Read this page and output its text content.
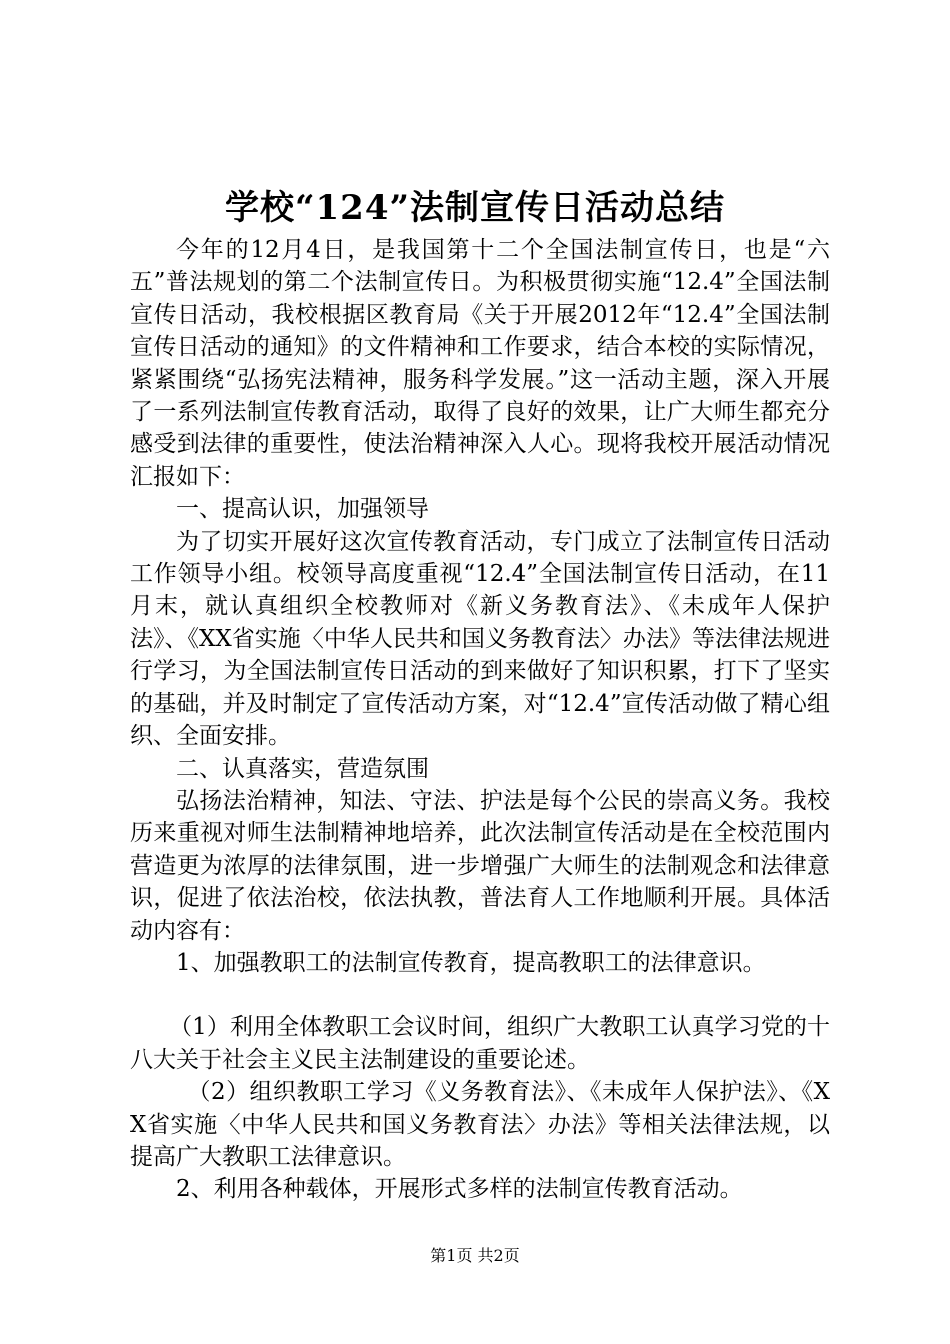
学校“124”法制宣传日活动总结

今年的12月4日，是我国第十二个全国法制宣传日，也是“六五”普法规划的第二个法制宣传日。为积极贯彻实施“12.4”全国法制宣传日活动，我校根据区教育局《关于开展2012年“12.4”全国法制宣传日活动的通知》的文件精神和工作要求，结合本校的实际情况，紧紧围绕“弘扬宪法精神，服务科学发展。”这一活动主题，深入开展了一系列法制宣传教育活动，取得了良好的效果，让广大师生都充分感受到法律的重要性，使法治精神深入人心。现将我校开展活动情况汇报如下：

一、提高认识，加强领导

为了切实开展好这次宣传教育活动，专门成立了法制宣传日活动工作领导小组。校领导高度重视“12.4”全国法制宣传日活动，在11月末，就认真组织全校教师对《新义务教育法》、《未成年人保护法》、《XX省实施〈中华人民共和国义务教育法〉办法》等法律法规进行学习，为全国法制宣传日活动的到来做好了知识积累，打下了坚实的基础，并及时制定了宣传活动方案，对“12.4”宣传活动做了精心组织、全面安排。

二、认真落实，营造氛围

弘扬法治精神，知法、守法、护法是每个公民的崇高义务。我校历来重视对师生法制精神地培养，此次法制宣传活动是在全校范围内营造更为浓厚的法律氛围，进一步增强广大师生的法制观念和法律意识，促进了依法治校，依法执教，普法育人工作地顺利开展。具体活动内容有：

1、加强教职工的法制宣传教育，提高教职工的法律意识。

（1）利用全体教职工会议时间，组织广大教职工认真学习党的十八大关于社会主义民主法制建设的重要论述。

（2）组织教职工学习《义务教育法》、《未成年人保护法》、《XX省实施〈中华人民共和国义务教育法〉办法》等相关法律法规，以提高广大教职工法律意识。

2、利用各种载体，开展形式多样的法制宣传教育活动。

第1页 共2页
